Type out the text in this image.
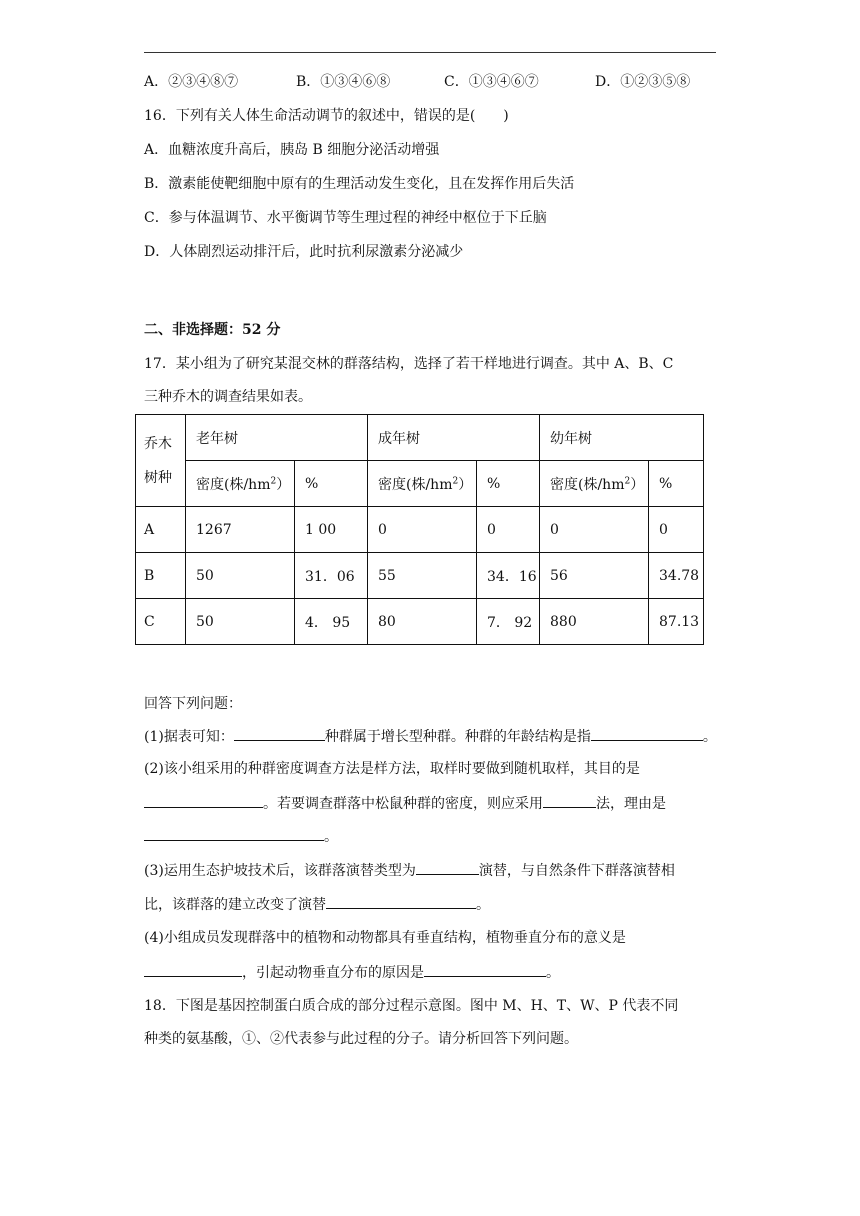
A．②③④⑧⑦	B．①③④⑥⑧	C．①③④⑥⑦	D．①②③⑤⑧
16．下列有关人体生命活动调节的叙述中，错误的是(　　)
A．血糖浓度升高后，胰岛 B 细胞分泌活动增强
B．激素能使靶细胞中原有的生理活动发生变化，且在发挥作用后失活
C．参与体温调节、水平衡调节等生理过程的神经中枢位于下丘脑
D．人体剧烈运动排汗后，此时抗利尿激素分泌减少
二、非选择题：52 分
17．某小组为了研究某混交林的群落结构，选择了若干样地进行调查。其中 A、B、C
三种乔木的调查结果如表。
乔木
树种	老年树		成年树		幼年树	
	密度(株$/hm^2$）	%	密度(株$/hm^2$）	%	密度(株$/hm^2$）	%
A	1267	1 00	0	0	0	0
B	50	31．06	55	34．16	56	34.78
C	50	4． 95	80	7． 92	880	87.13
回答下列问题：
(1)据表可知：	种群属于增长型种群。种群的年龄结构是指	。
(2)该小组采用的种群密度调查方法是样方法，取样时要做到随机取样，其目的是
。若要调查群落中松鼠种群的密度，则应采用	法，理由是
。
(3)运用生态护坡技术后，该群落演替类型为	演替，与自然条件下群落演替相
比，该群落的建立改变了演替	。
(4)小组成员发现群落中的植物和动物都具有垂直结构，植物垂直分布的意义是
，引起动物垂直分布的原因是	。
18．下图是基因控制蛋白质合成的部分过程示意图。图中 M、H、T、W、P 代表不同
种类的氨基酸，①、②代表参与此过程的分子。请分析回答下列问题。
